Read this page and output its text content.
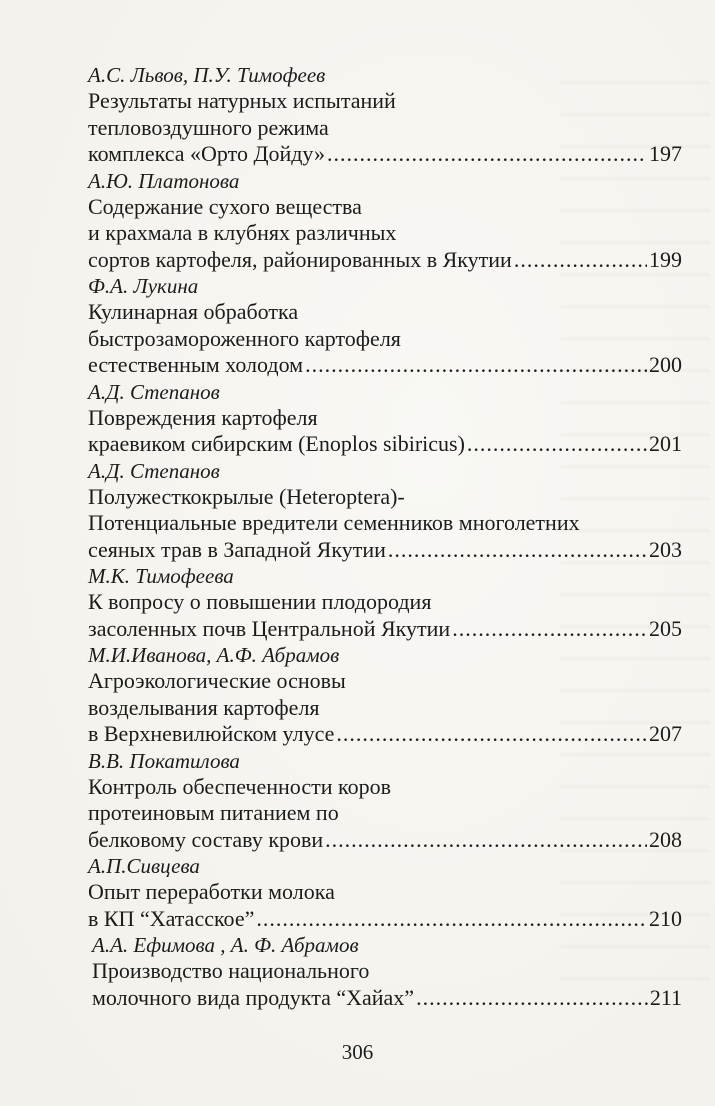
А.С. Львов, П.У. Тимофеев

Результаты натурных испытаний

тепловоздушного режима

комплекса «Орто Дойду» .....	197

А.Ю. Платонова

Содержание сухого вещества

и крахмала в клубнях различных

сортов картофеля, районированных в Якутии .....	199

Ф.А. Лукина

Кулинарная обработка

быстрозамороженного картофеля

естественным холодом .....	200

А.Д. Степанов

Повреждения картофеля

краевиком сибирским (Enoplos sibiricus) .....	201

А.Д. Степанов

Полужесткокрылые (Heteroptera)-

Потенциальные вредители семенников многолетних

сеяных трав в Западной Якутии .....	203

М.К. Тимофеева

К вопросу о повышении плодородия

засоленных почв Центральной Якутии .....	205

М.И.Иванова, А.Ф. Абрамов

Агроэкологические основы

возделывания картофеля

в Верхневилюйском улусе .....	207

В.В. Покатилова

Контроль обеспеченности коров

протеиновым питанием по

белковому составу крови .....	208

А.П.Сивцева

Опыт переработки молока

в КП “Хатасское” .....	210

А.А. Ефимова , А. Ф. Абрамов

Производство национального

молочного вида продукта “Хайах” .....	211

306
